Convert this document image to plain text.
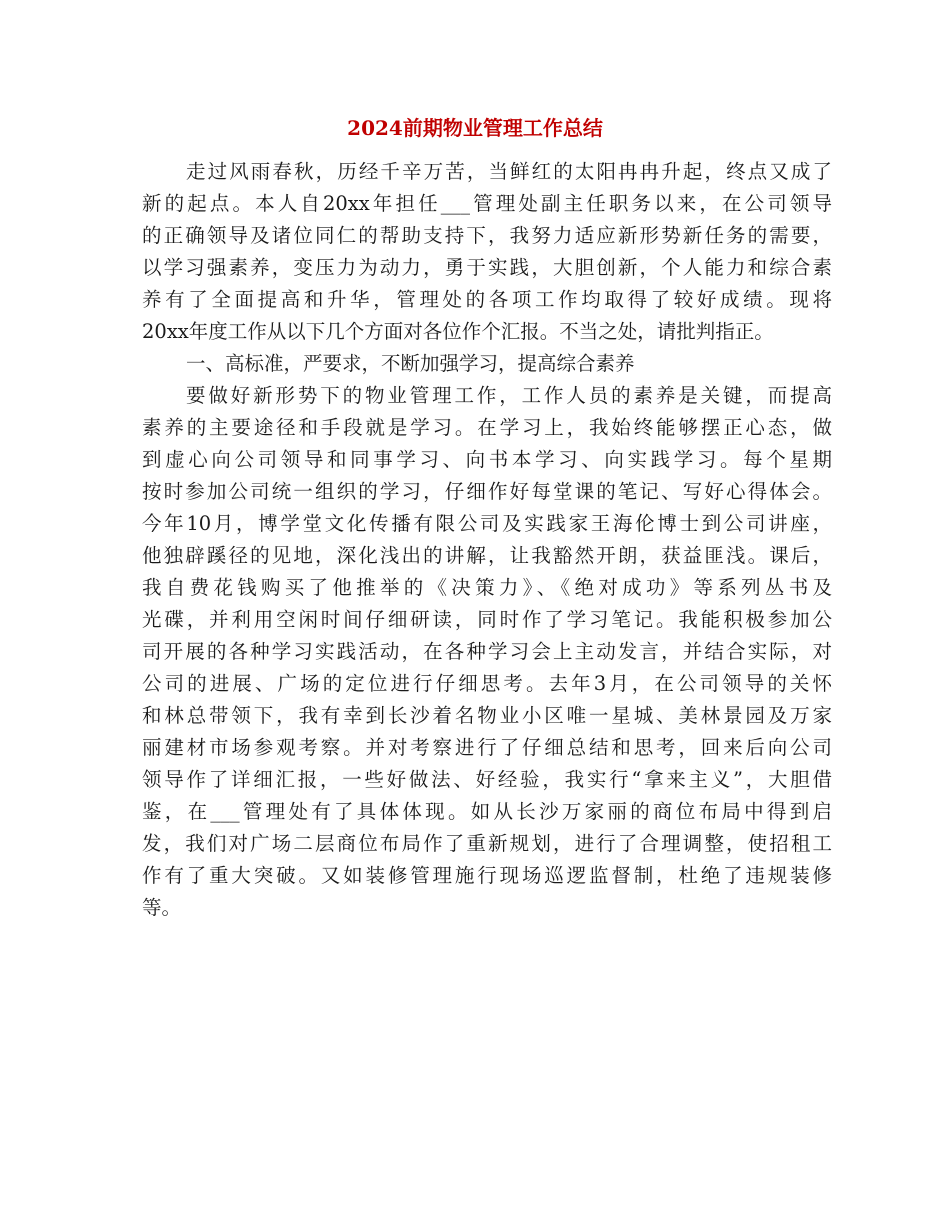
2024前期物业管理工作总结
走过风雨春秋，历经千辛万苦，当鲜红的太阳冉冉升起，终点又成了
新的起点。本人自20xx年担任___管理处副主任职务以来，在公司领导
的正确领导及诸位同仁的帮助支持下，我努力适应新形势新任务的需要，
以学习强素养，变压力为动力，勇于实践，大胆创新，个人能力和综合素
养有了全面提高和升华，管理处的各项工作均取得了较好成绩。现将
20xx年度工作从以下几个方面对各位作个汇报。不当之处，请批判指正。
一、高标准，严要求，不断加强学习，提高综合素养
要做好新形势下的物业管理工作，工作人员的素养是关键，而提高
素养的主要途径和手段就是学习。在学习上，我始终能够摆正心态，做
到虚心向公司领导和同事学习、向书本学习、向实践学习。每个星期
按时参加公司统一组织的学习，仔细作好每堂课的笔记、写好心得体会。
今年10月，博学堂文化传播有限公司及实践家王海伦博士到公司讲座，
他独辟蹊径的见地，深化浅出的讲解，让我豁然开朗，获益匪浅。课后，
我自费花钱购买了他推举的《决策力》、《绝对成功》等系列丛书及
光碟，并利用空闲时间仔细研读，同时作了学习笔记。我能积极参加公
司开展的各种学习实践活动，在各种学习会上主动发言，并结合实际，对
公司的进展、广场的定位进行仔细思考。去年3月，在公司领导的关怀
和林总带领下，我有幸到长沙着名物业小区唯一星城、美林景园及万家
丽建材市场参观考察。并对考察进行了仔细总结和思考，回来后向公司
领导作了详细汇报，一些好做法、好经验，我实行“拿来主义”，大胆借
鉴，在___管理处有了具体体现。如从长沙万家丽的商位布局中得到启
发，我们对广场二层商位布局作了重新规划，进行了合理调整，使招租工
作有了重大突破。又如装修管理施行现场巡逻监督制，杜绝了违规装修
等。
